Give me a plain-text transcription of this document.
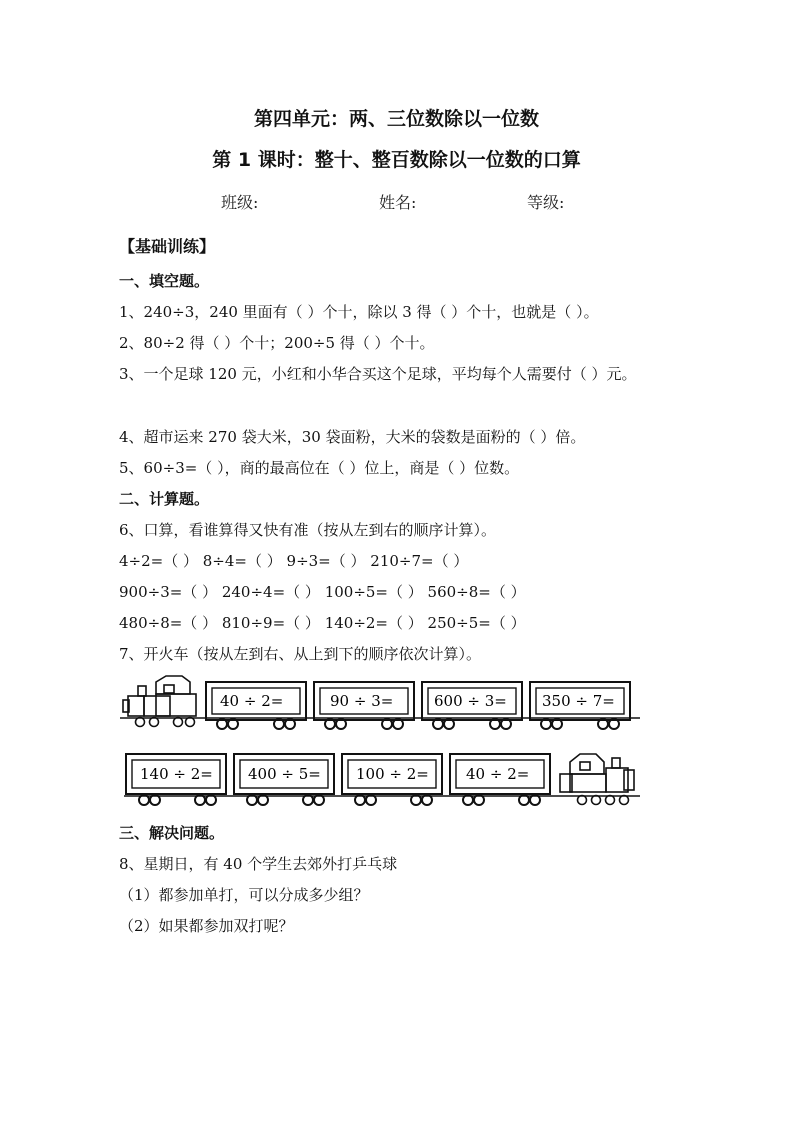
第四单元：两、三位数除以一位数
第 1 课时：整十、整百数除以一位数的口算
班级:	姓名:	等级:
【基础训练】
一、填空题。
1、240÷3，240 里面有（ ）个十，除以 3 得（ ）个十，也就是（ ）。
2、80÷2 得（ ）个十；200÷5 得（ ）个十。
3、一个足球 120 元，小红和小华合买这个足球，平均每个人需要付（ ）元。
4、超市运来 270 袋大米，30 袋面粉，大米的袋数是面粉的（ ）倍。
5、60÷3=（ ），商的最高位在（ ）位上，商是（ ）位数。
二、计算题。
6、口算，看谁算得又快有准（按从左到右的顺序计算）。
4÷2=（ ） 8÷4=（ ） 9÷3=（ ） 210÷7=（ ）
900÷3=（ ） 240÷4=（ ） 100÷5=（ ） 560÷8=（ ）
480÷8=（ ） 810÷9=（ ） 140÷2=（ ） 250÷5=（ ）
7、开火车（按从左到右、从上到下的顺序依次计算）。
40 ÷ 2=	90 ÷ 3=	600 ÷ 3= 350 ÷ 7=
140 ÷ 2= 400 ÷ 5= 100 ÷ 2= 40 ÷ 2=
三、解决问题。
8、星期日，有 40 个学生去郊外打乒乓球
（1）都参加单打，可以分成多少组？
（2）如果都参加双打呢？
